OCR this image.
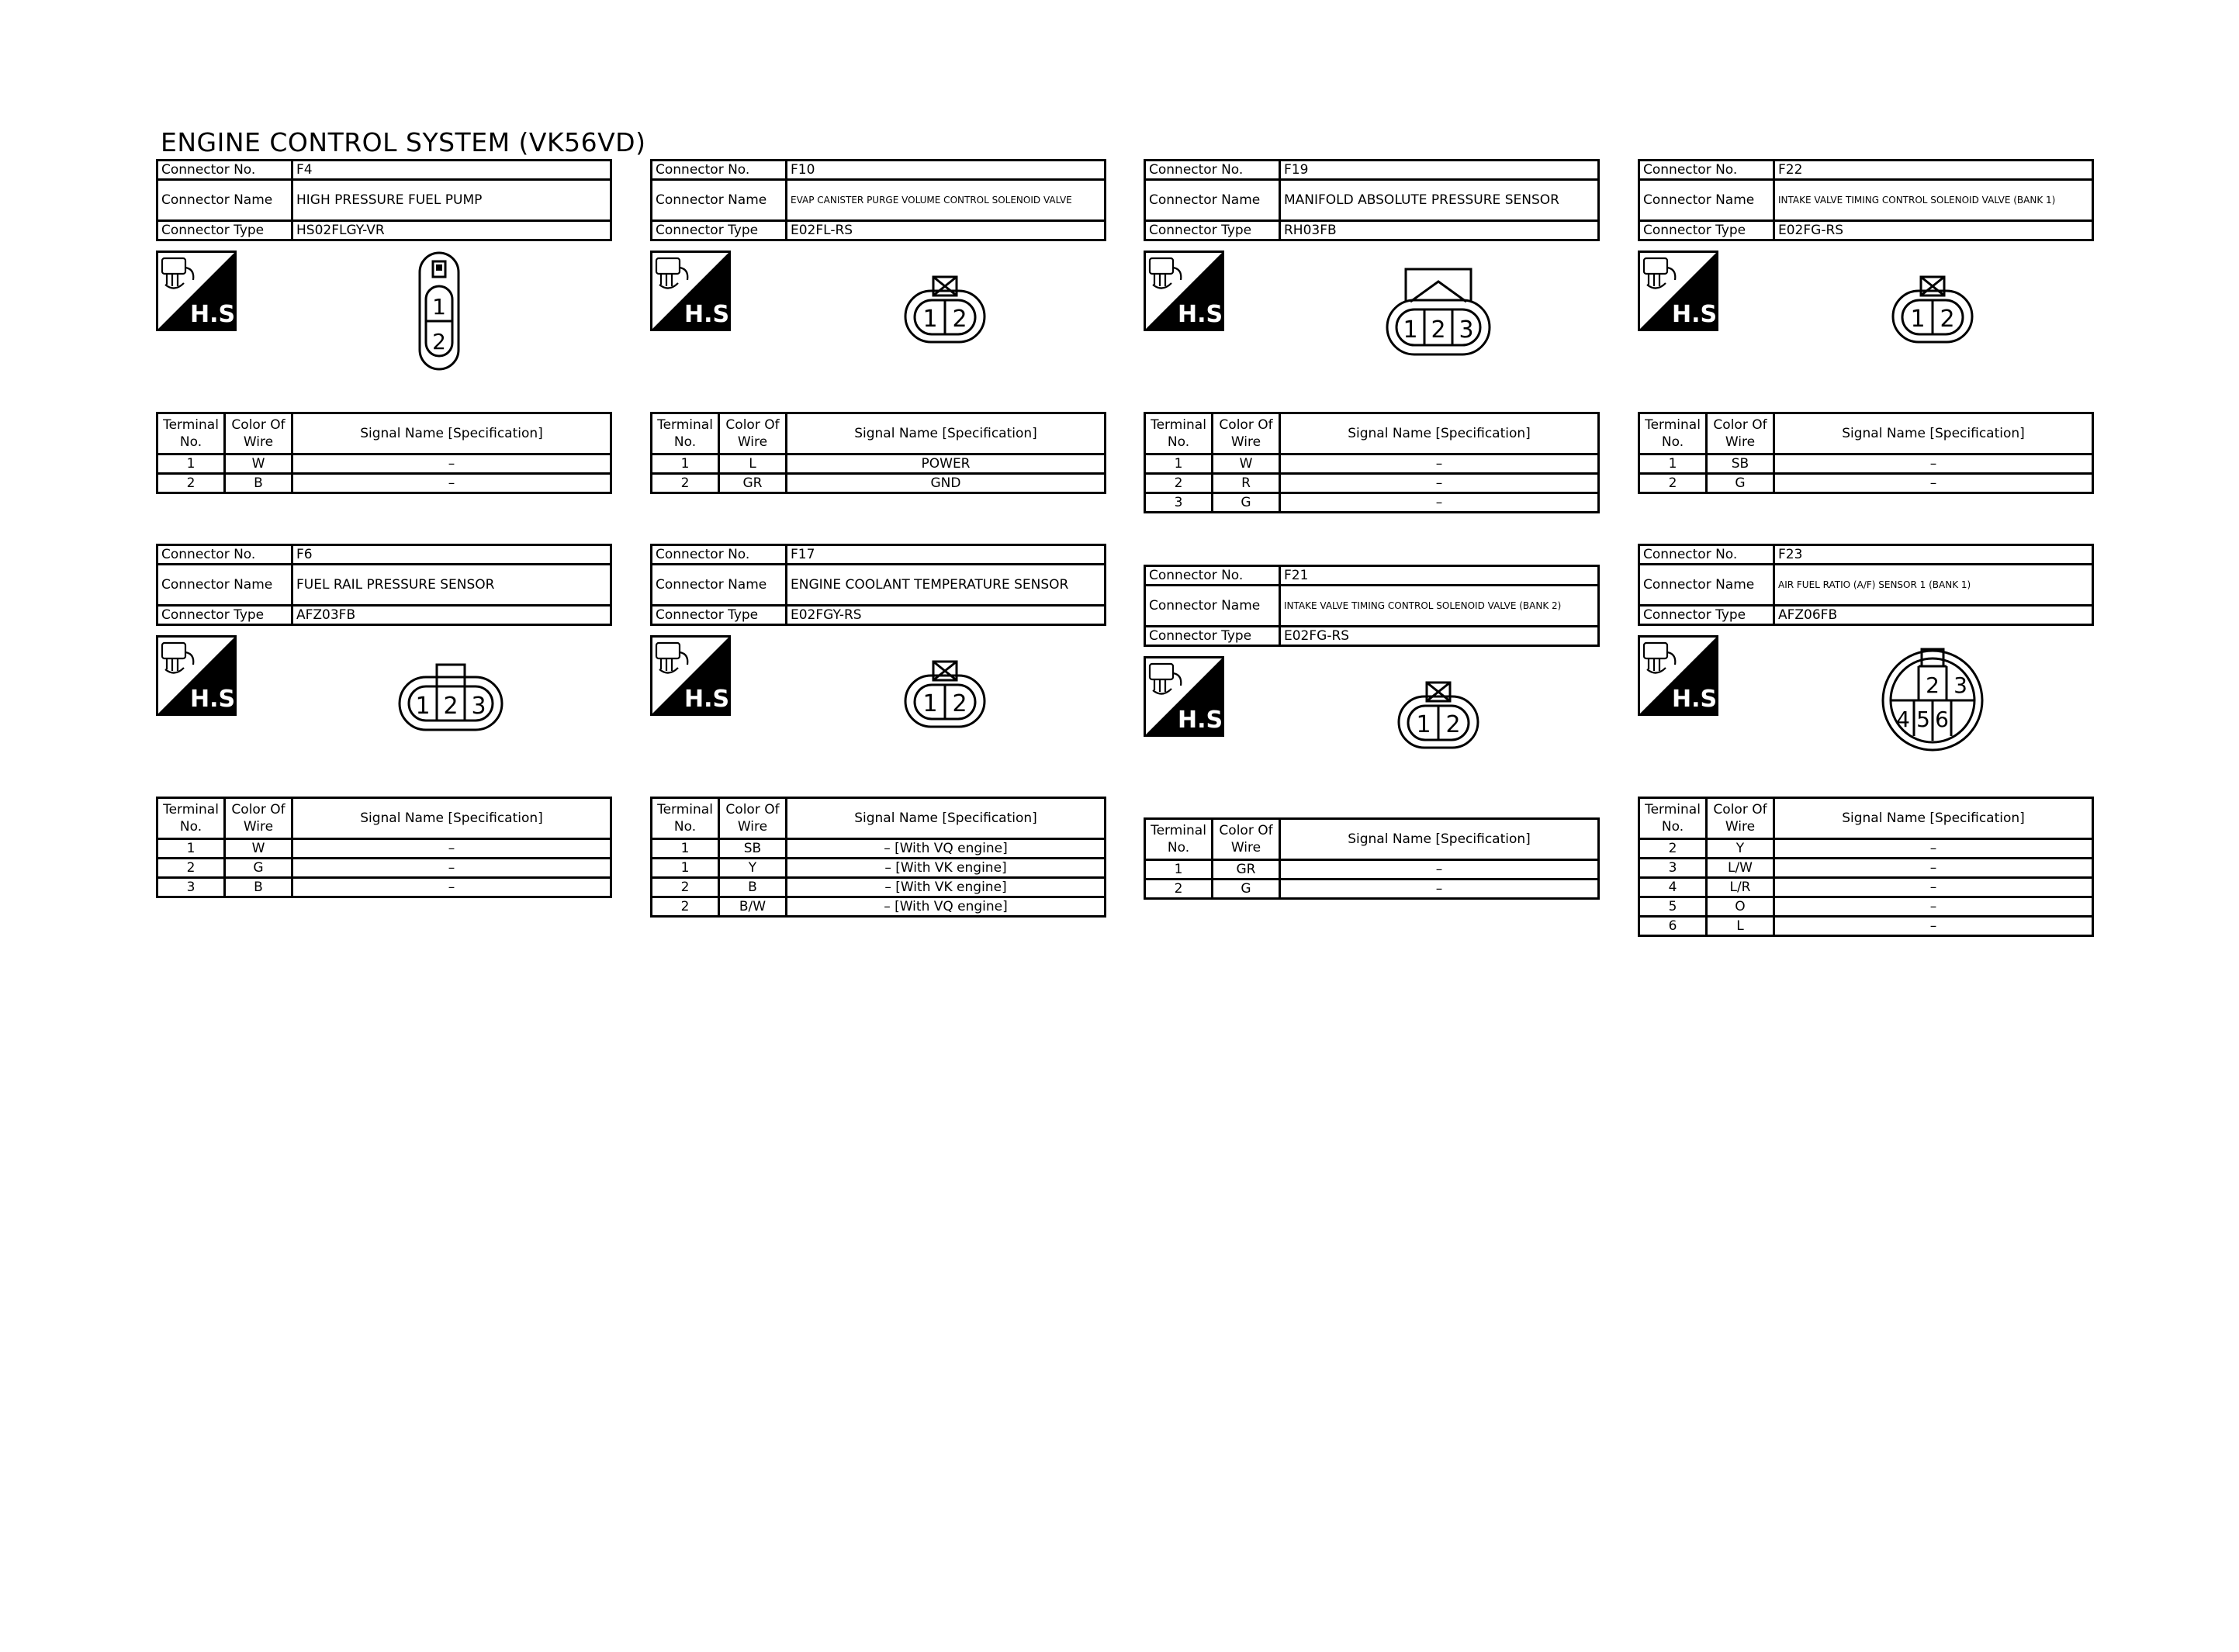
ENGINE CONTROL SYSTEM (VK56VD)
Connector No.	F4
Connector Name	HIGH PRESSURE FUEL PUMP
Connector Type	HS02FLGY-VR
H.S.	1
2
Terminal No.	Color Of Wire	Signal Name [Specification]
1	W	–
2	B	–
Connector No.	F10
Connector Name	EVAP CANISTER PURGE VOLUME CONTROL SOLENOID VALVE
Connector Type	E02FL-RS
H.S.	1 2
Terminal No.	Color Of Wire	Signal Name [Specification]
1	L	POWER
2	GR	GND
Connector No.	F19
Connector Name	MANIFOLD ABSOLUTE PRESSURE SENSOR
Connector Type	RH03FB
H.S.
1 2 3
Terminal No.	Color Of Wire	Signal Name [Specification]
1	W	–
2	R	–
3	G	–
Connector No.	F22
Connector Name	INTAKE VALVE TIMING CONTROL SOLENOID VALVE (BANK 1)
Connector Type	E02FG-RS
H.S.	1 2
Terminal No.	Color Of Wire	Signal Name [Specification]
1	SB	–
2	G	–
Connector No.	F6
Connector Name	FUEL RAIL PRESSURE SENSOR
Connector Type	AFZ03FB
H.S.	1 2 3
Terminal No.	Color Of Wire	Signal Name [Specification]
1	W	–
2	G	–
3	B	–
Connector No.	F17
Connector Name	ENGINE COOLANT TEMPERATURE SENSOR
Connector Type	E02FGY-RS
H.S.	1 2
Terminal No.	Color Of Wire	Signal Name [Specification]
1	SB	– [With VQ engine]
1	Y	– [With VK engine]
2	B	– [With VK engine]
2	B/W	– [With VQ engine]
Connector No.	F21
Connector Name	INTAKE VALVE TIMING CONTROL SOLENOID VALVE (BANK 2)
Connector Type	E02FG-RS
H.S.	1 2
Terminal No.	Color Of Wire	Signal Name [Specification]
1	GR	–
2	G	–
Connector No.	F23
Connector Name	AIR FUEL RATIO (A/F) SENSOR 1 (BANK 1)
Connector Type	AFZ06FB
H.S.
2 3
4 5 6
Terminal No.	Color Of Wire	Signal Name [Specification]
2	Y	–
3	L/W	–
4	L/R	–
5	O	–
6	L	–
